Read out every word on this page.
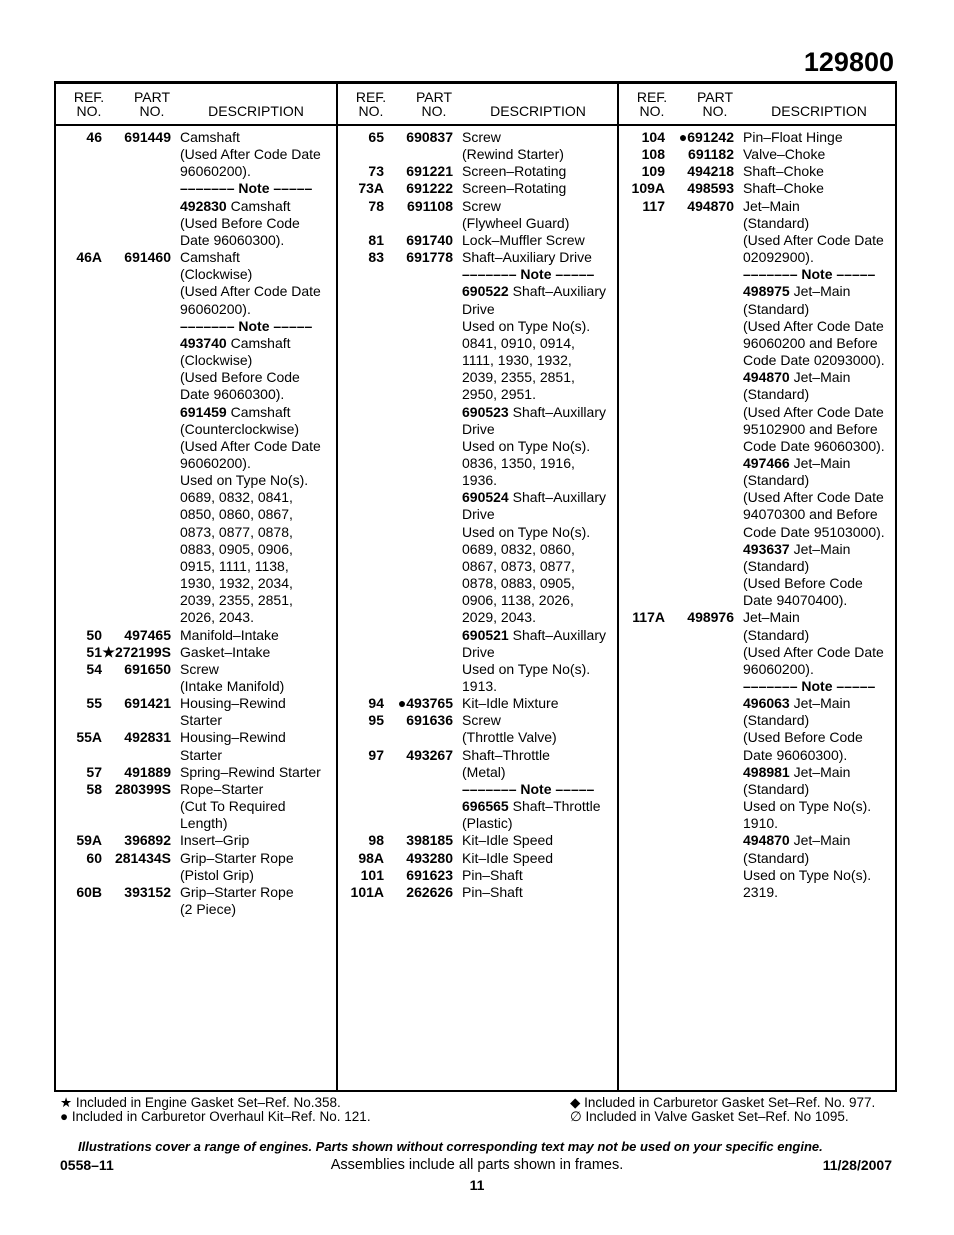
129800
REF.
NO.
PART
NO.	DESCRIPTION
46	691449 Camshaft
(Used After Code Date
96060200).
––––––– Note –––––
492830 Camshaft
(Used Before Code
Date 96060300).
46A	691460 Camshaft
(Clockwise)
(Used After Code Date
96060200).
––––––– Note –––––
493740 Camshaft
(Clockwise)
(Used Before Code
Date 96060300).
691459 Camshaft
(Counterclockwise)
(Used After Code Date
96060200).
Used on Type No(s).
0689, 0832, 0841,
0850, 0860, 0867,
0873, 0877, 0878,
0883, 0905, 0906,
0915, 1111, 1138,
1930, 1932, 2034,
2039, 2355, 2851,
2026, 2043.
50	497465 Manifold–Intake
51 ★272199S Gasket–Intake
54	691650 Screw
(Intake Manifold)
55	691421 Housing–Rewind
Starter
55A	492831 Housing–Rewind
Starter
57	491889 Spring–Rewind Starter
58 280399S Rope–Starter
(Cut To Required
Length)
59A	396892 Insert–Grip
60 281434S Grip–Starter Rope
(Pistol Grip)
60B	393152 Grip–Starter Rope
(2 Piece)
REF.
NO.
PART
NO.	DESCRIPTION
65	690837 Screw
(Rewind Starter)
73	691221 Screen–Rotating
73A	691222 Screen–Rotating
78	691108 Screw
(Flywheel Guard)
81	691740 Lock–Muffler Screw
83	691778 Shaft–Auxiliary Drive
––––––– Note –––––
690522 Shaft–Auxiliary
Drive
Used on Type No(s).
0841, 0910, 0914,
1111, 1930, 1932,
2039, 2355, 2851,
2950, 2951.
690523 Shaft–Auxillary
Drive
Used on Type No(s).
0836, 1350, 1916,
1936.
690524 Shaft–Auxillary
Drive
Used on Type No(s).
0689, 0832, 0860,
0867, 0873, 0877,
0878, 0883, 0905,
0906, 1138, 2026,
2029, 2043.
690521 Shaft–Auxillary
Drive
Used on Type No(s).
1913.
94 ●493765 Kit–Idle Mixture
95	691636 Screw
(Throttle Valve)
97	493267 Shaft–Throttle
(Metal)
––––––– Note –––––
696565 Shaft–Throttle
(Plastic)
98	398185 Kit–Idle Speed
98A	493280 Kit–Idle Speed
101	691623 Pin–Shaft
101A	262626 Pin–Shaft
REF.
NO.
PART
NO.	DESCRIPTION
104 ●691242 Pin–Float Hinge
108	691182 Valve–Choke
109	494218 Shaft–Choke
109A	498593 Shaft–Choke
117	494870 Jet–Main
(Standard)
(Used After Code Date
02092900).
––––––– Note –––––
498975 Jet–Main
(Standard)
(Used After Code Date
96060200 and Before
Code Date 02093000).
494870 Jet–Main
(Standard)
(Used After Code Date
95102900 and Before
Code Date 96060300).
497466 Jet–Main
(Standard)
(Used After Code Date
94070300 and Before
Code Date 95103000).
493637 Jet–Main
(Standard)
(Used Before Code
Date 94070400).
117A	498976 Jet–Main
(Standard)
(Used After Code Date
96060200).
––––––– Note –––––
496063 Jet–Main
(Standard)
(Used Before Code
Date 96060300).
498981 Jet–Main
(Standard)
Used on Type No(s).
1910.
494870 Jet–Main
(Standard)
Used on Type No(s).
2319.
★ Included in Engine Gasket Set–Ref. No.358.
● Included in Carburetor Overhaul Kit–Ref. No. 121.
◆ Included in Carburetor Gasket Set–Ref. No. 977.
∅ Included in Valve Gasket Set–Ref. No 1095.
Illustrations cover a range of engines. Parts shown without corresponding text may not be used on your specific engine.
0558–11	Assemblies include all parts shown in frames.	11/28/2007
11
